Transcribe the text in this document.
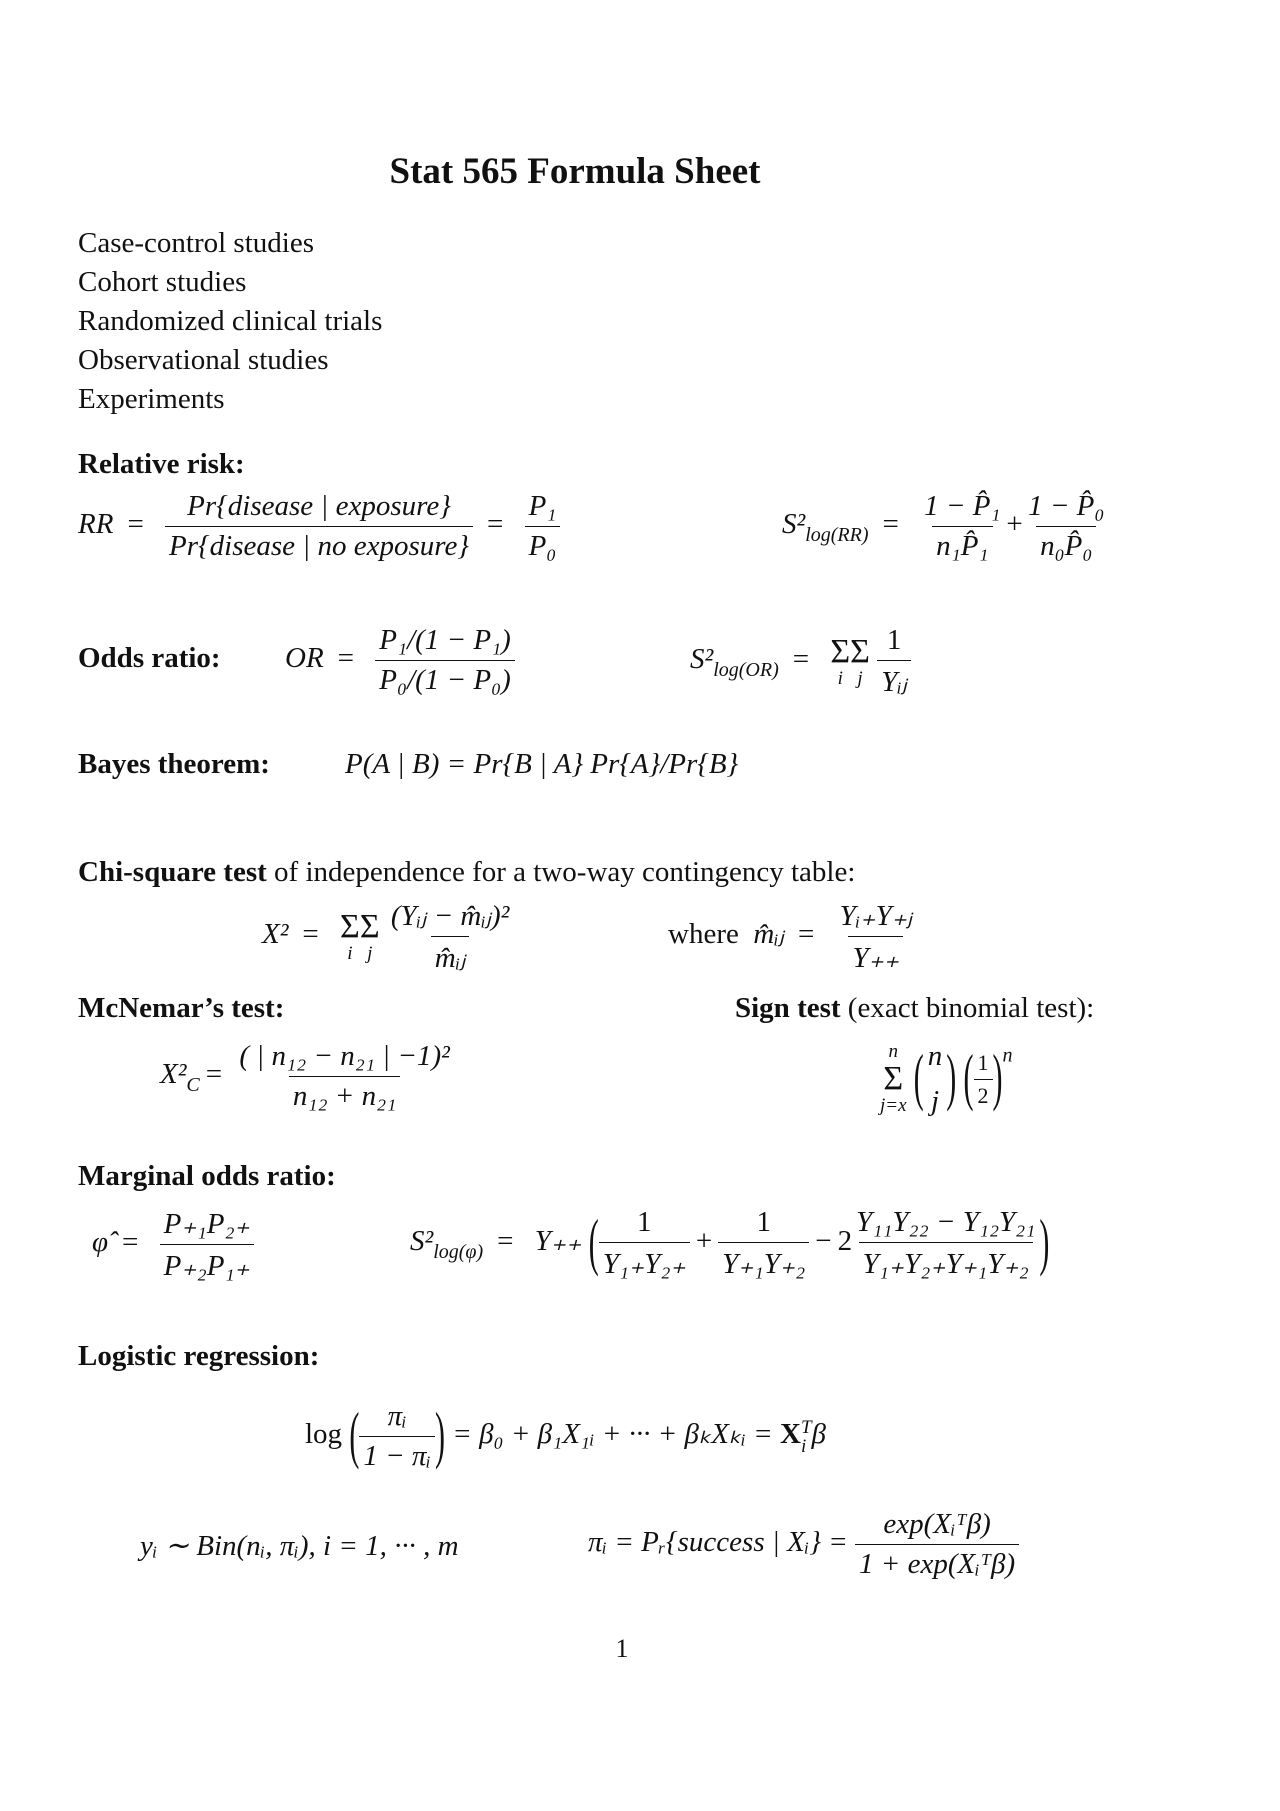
Stat 565 Formula Sheet
Case-control studies
Cohort studies
Randomized clinical trials
Observational studies
Experiments
Relative risk:
RR = $\frac{\text{Pr\{disease | exposure\}}}{\text{Pr\{disease | no exposure\}}} = \frac{\text{P₁}}{\text{P₀}}$	$S^2_{log(RR)} = \frac{\text{1 − P̂₁}}{\text{n₁P̂₁}} + \frac{\text{1 − P̂₀}}{\text{n₀P̂₀}}$
Odds ratio: OR = $\frac{\text{P₁/(1 − P₁)}}{\text{P₀/(1 − P₀)}}$	$S^2_{log(OR)} = \Sigma$
i
Σ
j
$\frac{1}{\text{Yᵢⱼ}}$
Bayes theorem:	P(A | B) = Pr{B | A} Pr{A}/Pr{B}
Chi-square test of independence for a two-way contingency table:
X² = Σ
i
Σ
j
$\frac{\text{(Yᵢⱼ − m̂ᵢⱼ)²}}{\text{m̂ᵢⱼ}}$	where m̂ᵢⱼ = $\frac{\text{Yᵢ₊Y₊ⱼ}}{Y_{++}}$
McNemar’s test:	Sign test (exact binomial test):
$X^2_C = \frac{\text{( | n₁₂ − n₂₁ | −1)²}}{\text{n₁₂ + n₂₁}}$	n
Σ
j=x ( n
j ) ( $\frac{1}{2} )^n$
Marginal odds ratio:
φ̂ = $\frac{\text{P₊₁P₂₊}}{\text{P₊₂P₁₊}}$	$S^2_{log(\varphi)} = Y_{++}$ ( $\frac{1}{\text{Y₁₊Y₂₊}} + \frac{1}{\text{Y₊₁Y₊₂}} - 2 \frac{\text{Y₁₁Y₂₂ − Y₁₂Y₂₁}}{\text{Y₁₊Y₂₊Y₊₁Y₊₂}}$ )
Logistic regression:
log ( $\frac{\text{πᵢ}}{\text{1 − πᵢ}}$ ) = β₀ + β₁X₁ᵢ + ··· + βₖXₖᵢ = X T
i β
yᵢ ∼ Bin(nᵢ, πᵢ), i = 1, ··· , m	πᵢ = Pᵣ{success | Xᵢ} = $\frac{\text{exp(Xᵢᵀβ)}}{\text{1 + exp(Xᵢᵀβ)}}$
1
